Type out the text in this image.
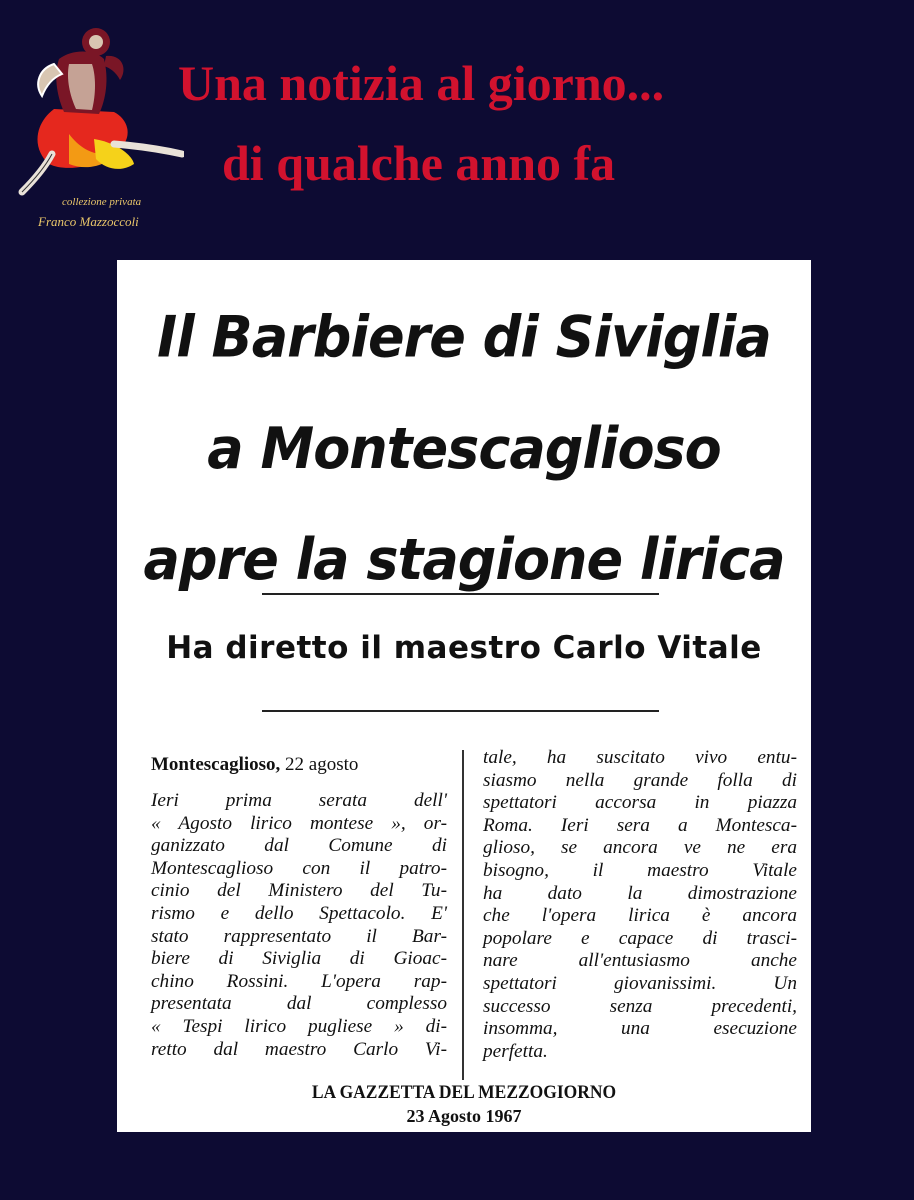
collezione privata
Franco Mazzoccoli
Una notizia al giorno...
di qualche anno fa
Il Barbiere di Siviglia
a Montescaglioso
apre la stagione lirica
Ha diretto il maestro Carlo Vitale
Montescaglioso, 22 agosto
Ieri prima serata dell'
« Agosto lirico montese », or-
ganizzato dal Comune di
Montescaglioso con il patro-
cinio del Ministero del Tu-
rismo e dello Spettacolo. E'
stato rappresentato il Bar-
biere di Siviglia di Gioac-
chino Rossini. L'opera rap-
presentata dal complesso
« Tespi lirico pugliese » di-
retto dal maestro Carlo Vi-
tale, ha suscitato vivo entu-
siasmo nella grande folla di
spettatori accorsa in piazza
Roma. Ieri sera a Montesca-
glioso, se ancora ve ne era
bisogno, il maestro Vitale
ha dato la dimostrazione
che l'opera lirica è ancora
popolare e capace di trasci-
nare all'entusiasmo anche
spettatori giovanissimi. Un
successo senza precedenti,
insomma, una esecuzione
perfetta.
LA GAZZETTA DEL MEZZOGIORNO
23 Agosto 1967
